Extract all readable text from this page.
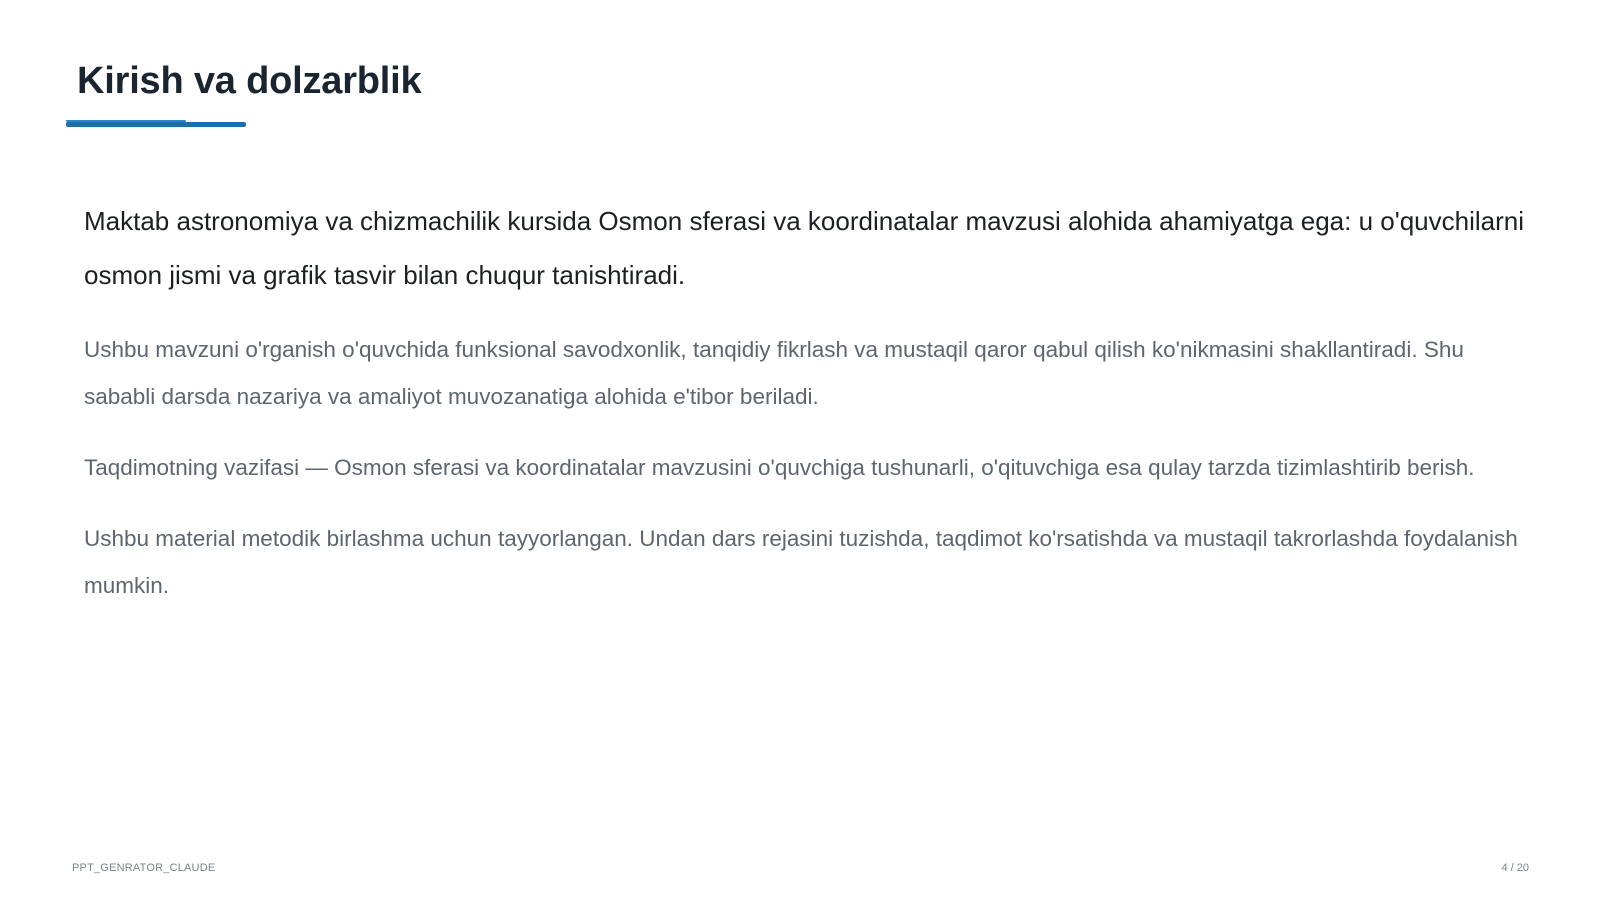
Kirish va dolzarblik

Maktab astronomiya va chizmachilik kursida Osmon sferasi va koordinatalar mavzusi alohida ahamiyatga ega: u o'quvchilarni osmon jismi va grafik tasvir bilan chuqur tanishtiradi.

Ushbu mavzuni o'rganish o'quvchida funksional savodxonlik, tanqidiy fikrlash va mustaqil qaror qabul qilish ko'nikmasini shakllantiradi. Shu sababli darsda nazariya va amaliyot muvozanatiga alohida e'tibor beriladi.

Taqdimotning vazifasi — Osmon sferasi va koordinatalar mavzusini o'quvchiga tushunarli, o'qituvchiga esa qulay tarzda tizimlashtirib berish.

Ushbu material metodik birlashma uchun tayyorlangan. Undan dars rejasini tuzishda, taqdimot ko'rsatishda va mustaqil takrorlashda foydalanish mumkin.

PPT_GENRATOR_CLAUDE	4 / 20
